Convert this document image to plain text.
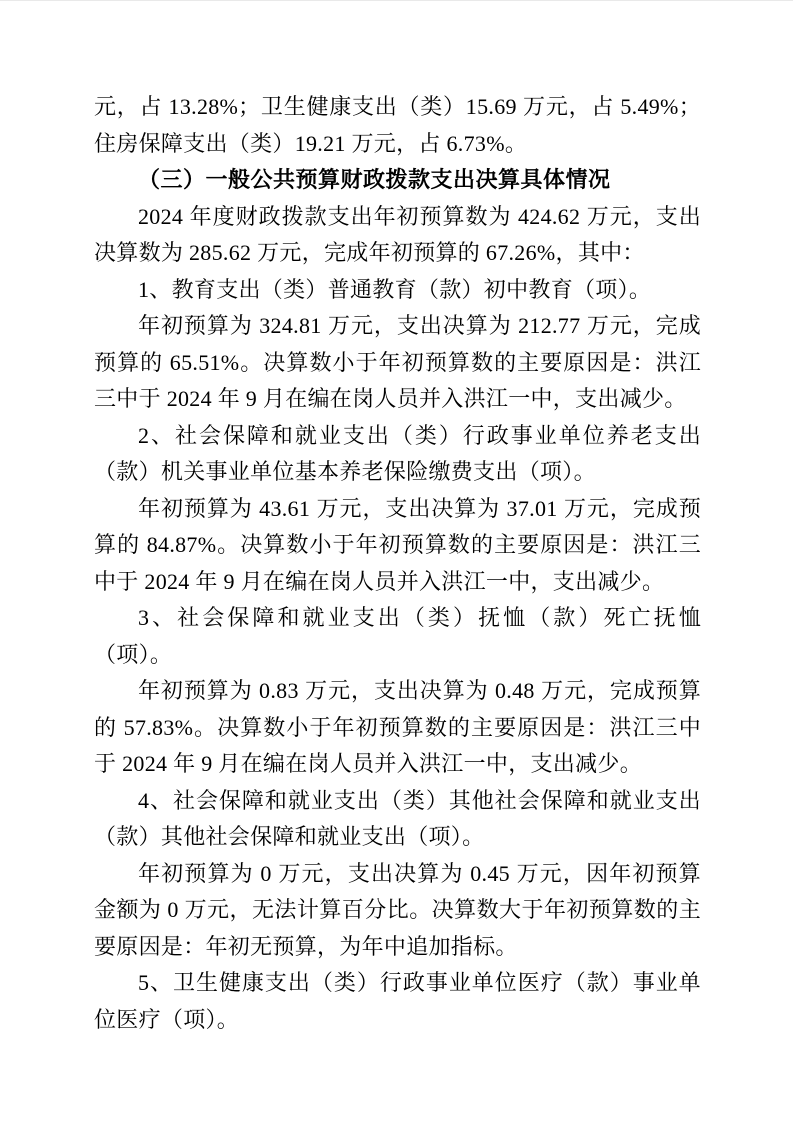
元，占 13.28%；卫生健康支出（类）15.69 万元，占 5.49%；住房保障支出（类）19.21 万元，占 6.73%。

（三）一般公共预算财政拨款支出决算具体情况

2024 年度财政拨款支出年初预算数为 424.62 万元，支出决算数为 285.62 万元，完成年初预算的 67.26%，其中：

1、教育支出（类）普通教育（款）初中教育（项）。

年初预算为 324.81 万元，支出决算为 212.77 万元，完成预算的 65.51%。决算数小于年初预算数的主要原因是：洪江三中于 2024 年 9 月在编在岗人员并入洪江一中，支出减少。

2、社会保障和就业支出（类）行政事业单位养老支出（款）机关事业单位基本养老保险缴费支出（项）。

年初预算为 43.61 万元，支出决算为 37.01 万元，完成预算的 84.87%。决算数小于年初预算数的主要原因是：洪江三中于 2024 年 9 月在编在岗人员并入洪江一中，支出减少。

3、社会保障和就业支出（类）抚恤（款）死亡抚恤（项）。

年初预算为 0.83 万元，支出决算为 0.48 万元，完成预算的 57.83%。决算数小于年初预算数的主要原因是：洪江三中于 2024 年 9 月在编在岗人员并入洪江一中，支出减少。

4、社会保障和就业支出（类）其他社会保障和就业支出（款）其他社会保障和就业支出（项）。

年初预算为 0 万元，支出决算为 0.45 万元，因年初预算金额为 0 万元，无法计算百分比。决算数大于年初预算数的主要原因是：年初无预算，为年中追加指标。

5、卫生健康支出（类）行政事业单位医疗（款）事业单位医疗（项）。
